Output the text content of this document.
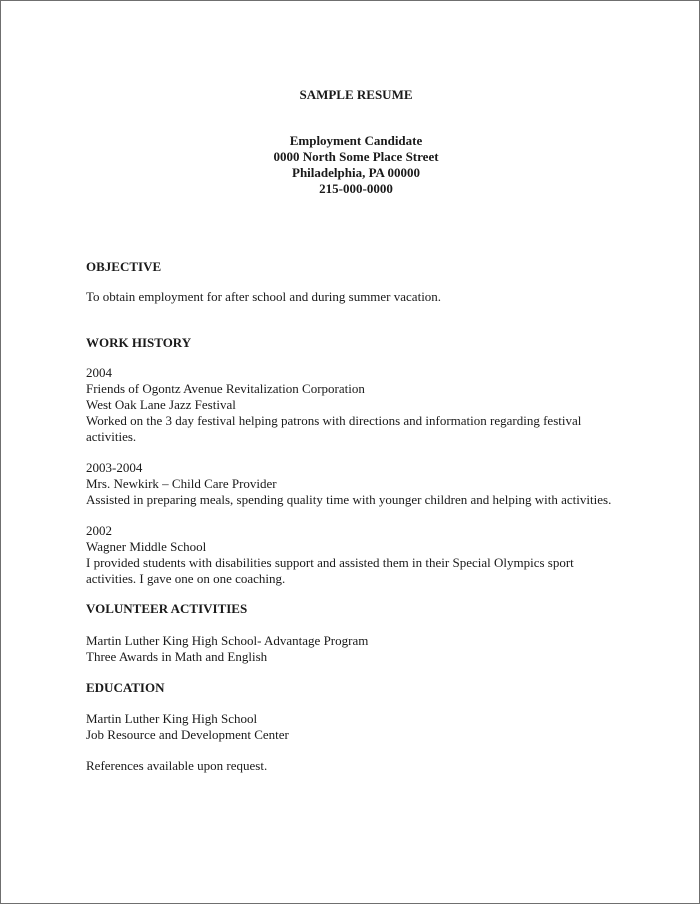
SAMPLE RESUME
Employment Candidate
0000 North Some Place Street
Philadelphia, PA 00000
215-000-0000
OBJECTIVE
To obtain employment for after school and during summer vacation.
WORK HISTORY
2004
Friends of Ogontz Avenue Revitalization Corporation
West Oak Lane Jazz Festival
Worked on the 3 day festival helping patrons with directions and information regarding festival activities.
2003-2004
Mrs. Newkirk – Child Care Provider
Assisted in preparing meals, spending quality time with younger children and helping with activities.
2002
Wagner Middle School
I provided students with disabilities support and assisted them in their Special Olympics sport activities. I gave one on one coaching.
VOLUNTEER ACTIVITIES
Martin Luther King High School- Advantage Program
Three Awards in Math and English
EDUCATION
Martin Luther King High School
Job Resource and Development Center
References available upon request.
